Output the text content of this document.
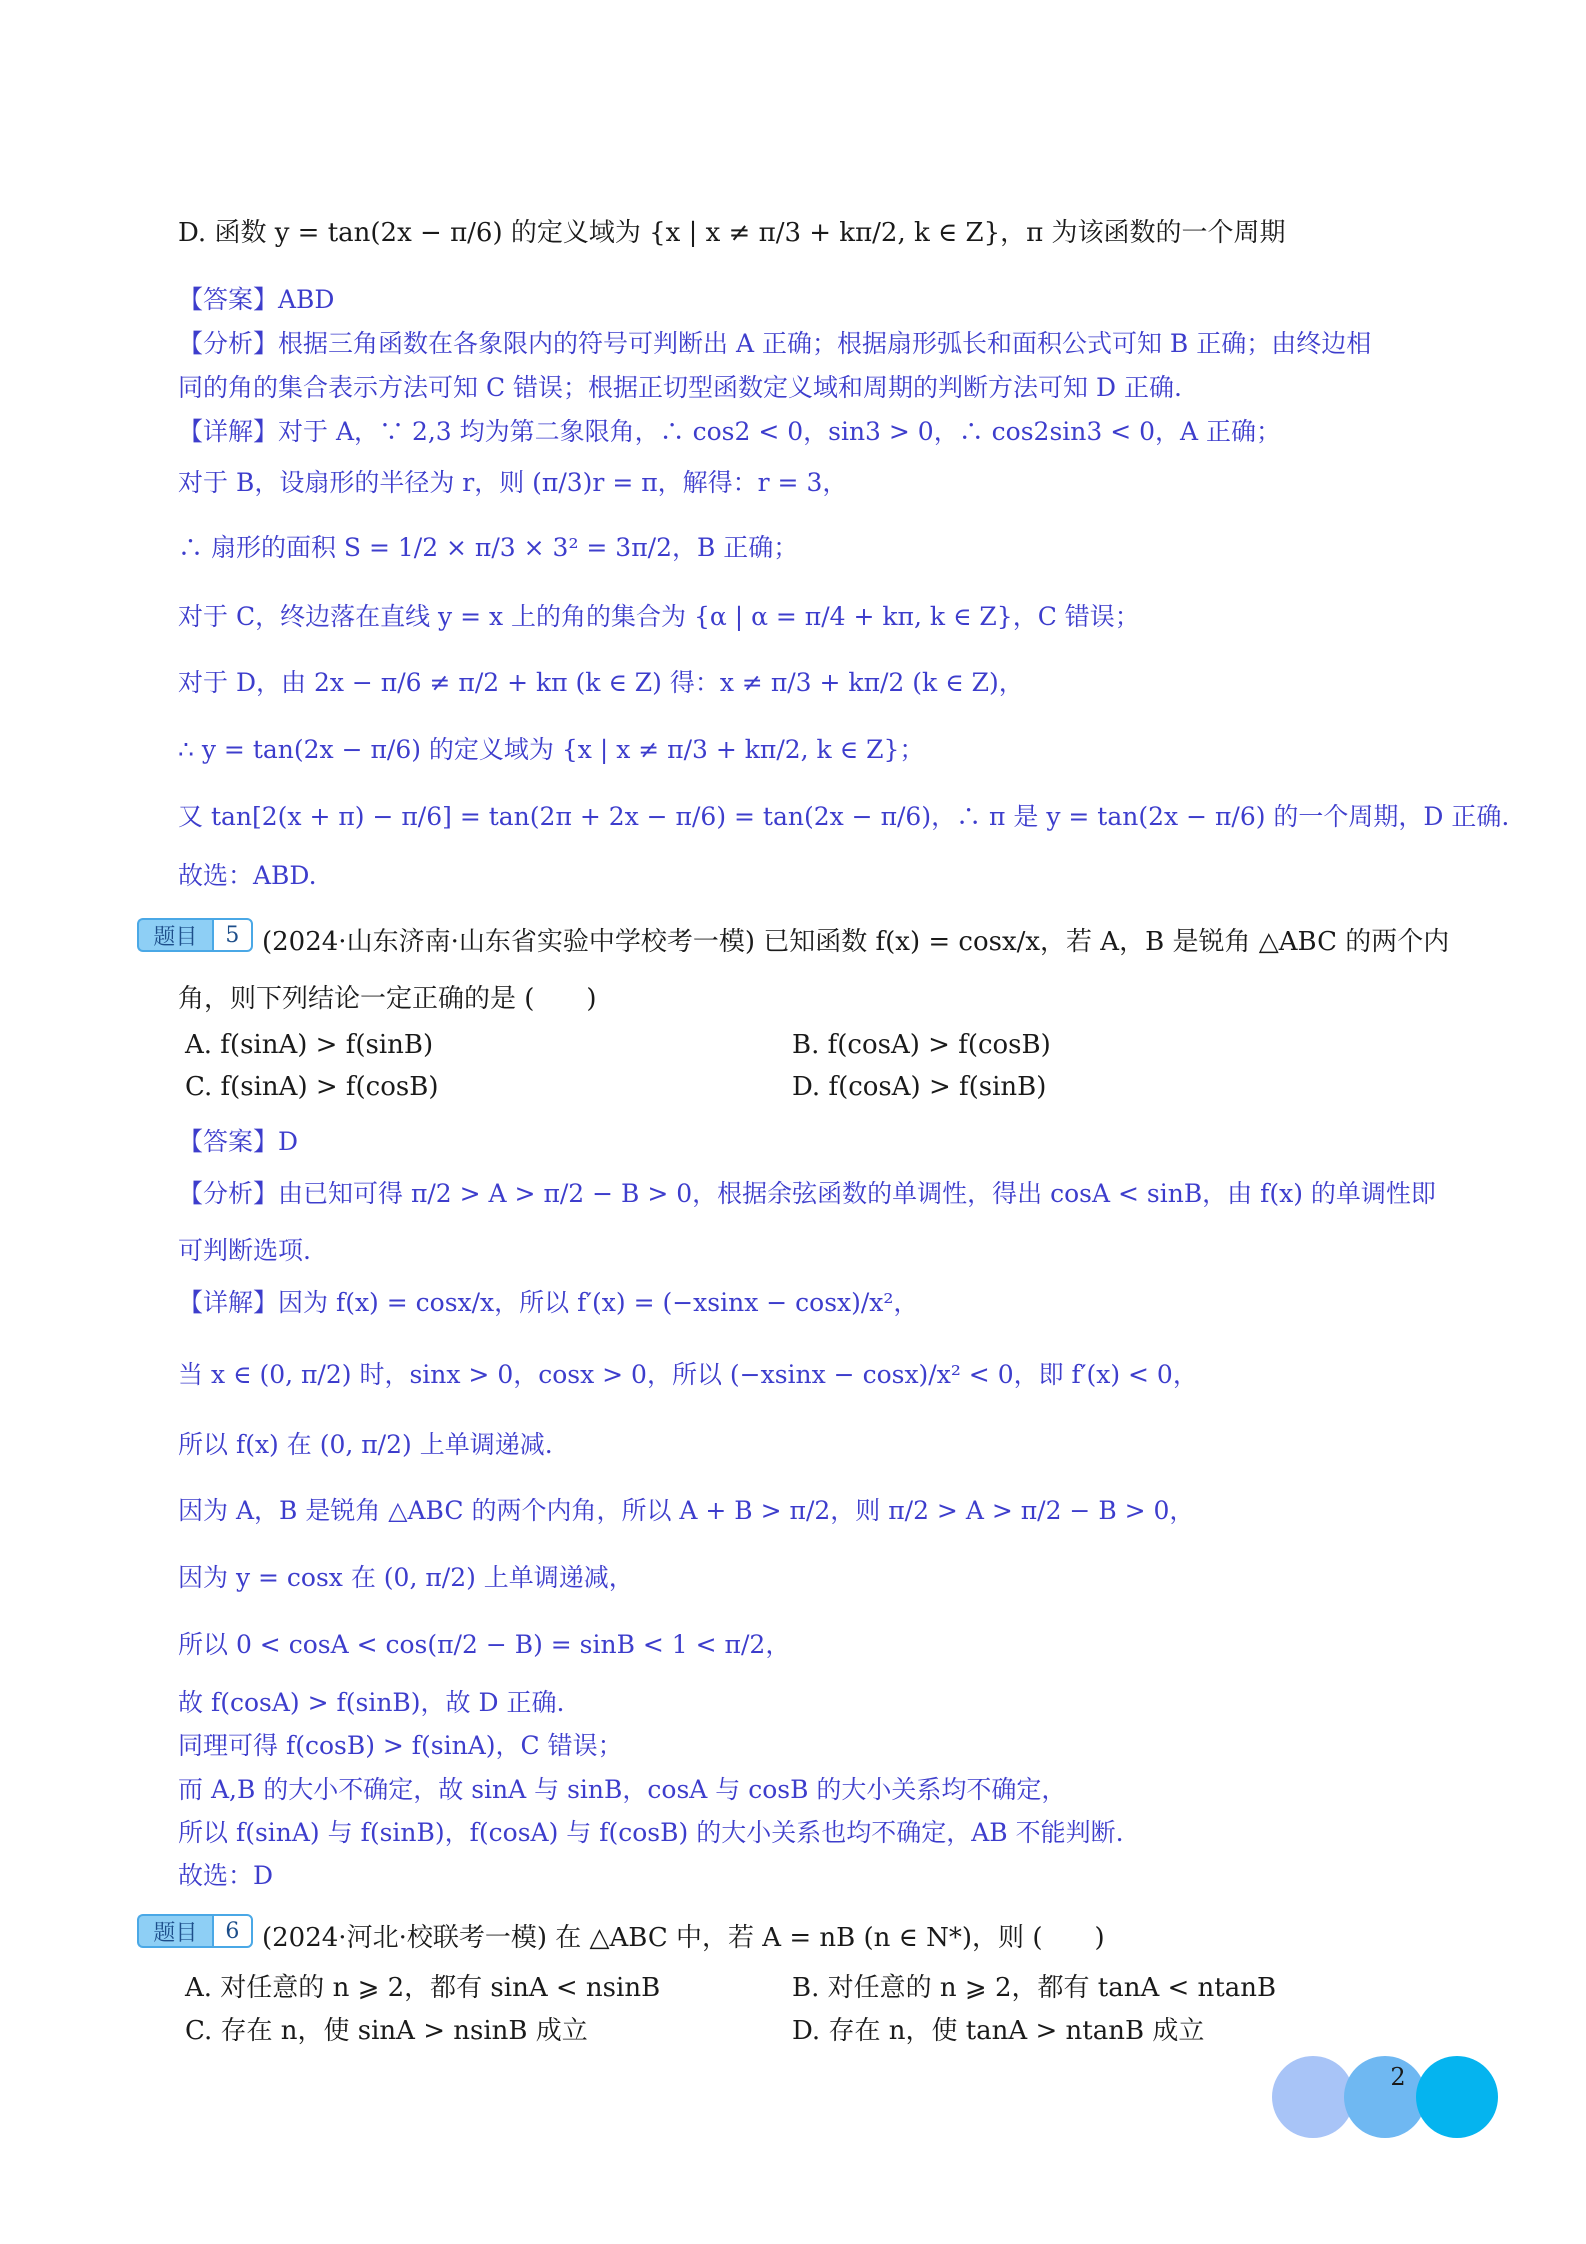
D. 函数 y = tan(2x − π/6) 的定义域为 {x | x ≠ π/3 + kπ/2, k ∈ Z}，π 为该函数的一个周期
【答案】ABD
【分析】根据三角函数在各象限内的符号可判断出 A 正确；根据扇形弧长和面积公式可知 B 正确；由终边相
同的角的集合表示方法可知 C 错误；根据正切型函数定义域和周期的判断方法可知 D 正确.
【详解】对于 A，∵ 2,3 均为第二象限角，∴ cos2 < 0，sin3 > 0，∴ cos2sin3 < 0，A 正确；
对于 B，设扇形的半径为 r，则 (π/3)r = π，解得：r = 3，
∴ 扇形的面积 S = 1/2 × π/3 × 3² = 3π/2，B 正确；
对于 C，终边落在直线 y = x 上的角的集合为 {α | α = π/4 + kπ, k ∈ Z}，C 错误；
对于 D，由 2x − π/6 ≠ π/2 + kπ (k ∈ Z) 得：x ≠ π/3 + kπ/2 (k ∈ Z)，
∴ y = tan(2x − π/6) 的定义域为 {x | x ≠ π/3 + kπ/2, k ∈ Z}；
又 tan[2(x + π) − π/6] = tan(2π + 2x − π/6) = tan(2x − π/6)，∴ π 是 y = tan(2x − π/6) 的一个周期，D 正确.
故选：ABD.
题目	5 (2024·山东济南·山东省实验中学校考一模) 已知函数 f(x) = cosx/x，若 A，B 是锐角 △ABC 的两个内
角，则下列结论一定正确的是 (　　)
A. f(sinA) > f(sinB)	B. f(cosA) > f(cosB)
C. f(sinA) > f(cosB)	D. f(cosA) > f(sinB)
【答案】D
【分析】由已知可得 π/2 > A > π/2 − B > 0，根据余弦函数的单调性，得出 cosA < sinB，由 f(x) 的单调性即
可判断选项.
【详解】因为 f(x) = cosx/x，所以 f′(x) = (−xsinx − cosx)/x²，
当 x ∈ (0, π/2) 时，sinx > 0，cosx > 0，所以 (−xsinx − cosx)/x² < 0，即 f′(x) < 0，
所以 f(x) 在 (0, π/2) 上单调递减.
因为 A，B 是锐角 △ABC 的两个内角，所以 A + B > π/2，则 π/2 > A > π/2 − B > 0，
因为 y = cosx 在 (0, π/2) 上单调递减，
所以 0 < cosA < cos(π/2 − B) = sinB < 1 < π/2，
故 f(cosA) > f(sinB)，故 D 正确.
同理可得 f(cosB) > f(sinA)，C 错误；
而 A,B 的大小不确定，故 sinA 与 sinB，cosA 与 cosB 的大小关系均不确定，
所以 f(sinA) 与 f(sinB)，f(cosA) 与 f(cosB) 的大小关系也均不确定，AB 不能判断.
故选：D
题目	6 (2024·河北·校联考一模) 在 △ABC 中，若 A = nB (n ∈ N*)，则 (　　)
A. 对任意的 n ⩾ 2，都有 sinA < nsinB	B. 对任意的 n ⩾ 2，都有 tanA < ntanB
C. 存在 n，使 sinA > nsinB 成立	D. 存在 n，使 tanA > ntanB 成立
2
